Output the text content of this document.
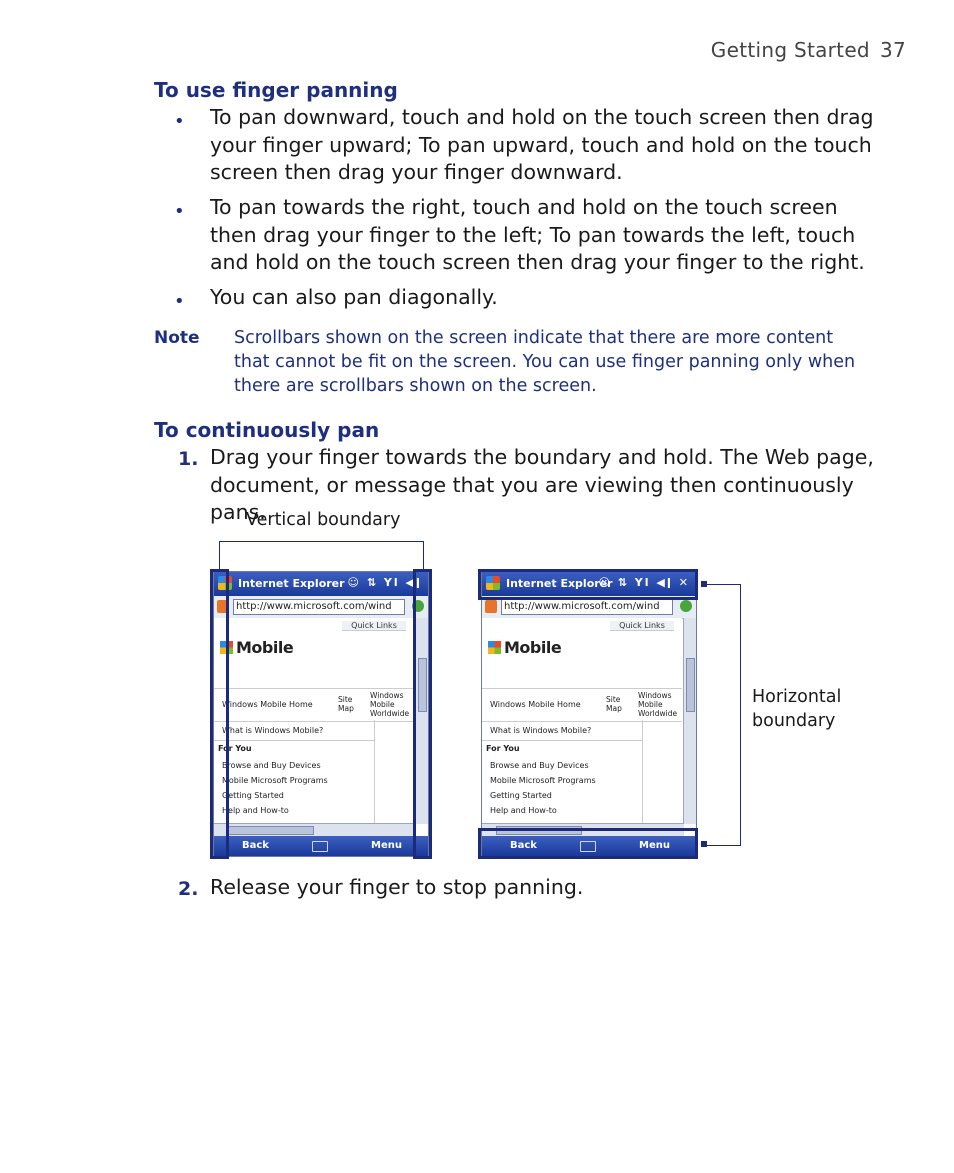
Getting Started 37
To use finger panning
• To pan downward, touch and hold on the touch screen then drag your finger upward; To pan upward, touch and hold on the touch screen then drag your finger downward.
• To pan towards the right, touch and hold on the touch screen then drag your finger to the left; To pan towards the left, touch and hold on the touch screen then drag your finger to the right.
• You can also pan diagonally.
Note Scrollbars shown on the screen indicate that there are more content that cannot be fit on the screen. You can use finger panning only when there are scrollbars shown on the screen.
To continuously pan
1. Drag your finger towards the boundary and hold. The Web page, document, or message that you are viewing then continuously pans.
2. Release your finger to stop panning.
Vertical boundary
Internet Explorer ☺ ⇅ Yl ◀ǀ
http://www.microsoft.com/wind
Quick Links
Mobile
Windows Mobile Home
Site Map
Windows Mobile Worldwide
What is Windows Mobile?
For You
Browse and Buy Devices
Mobile Microsoft Programs
Getting Started
Help and How-to
Back	Menu
Internet Explorer
☺ ⇅ Yl ◀ǀ ✕
http://www.microsoft.com/wind
Quick Links
Mobile
Windows Mobile Home
Site Map
Windows Mobile Worldwide
What is Windows Mobile?
For You
Browse and Buy Devices
Mobile Microsoft Programs
Getting Started
Help and How-to
Back	Menu
Horizontal
boundary
